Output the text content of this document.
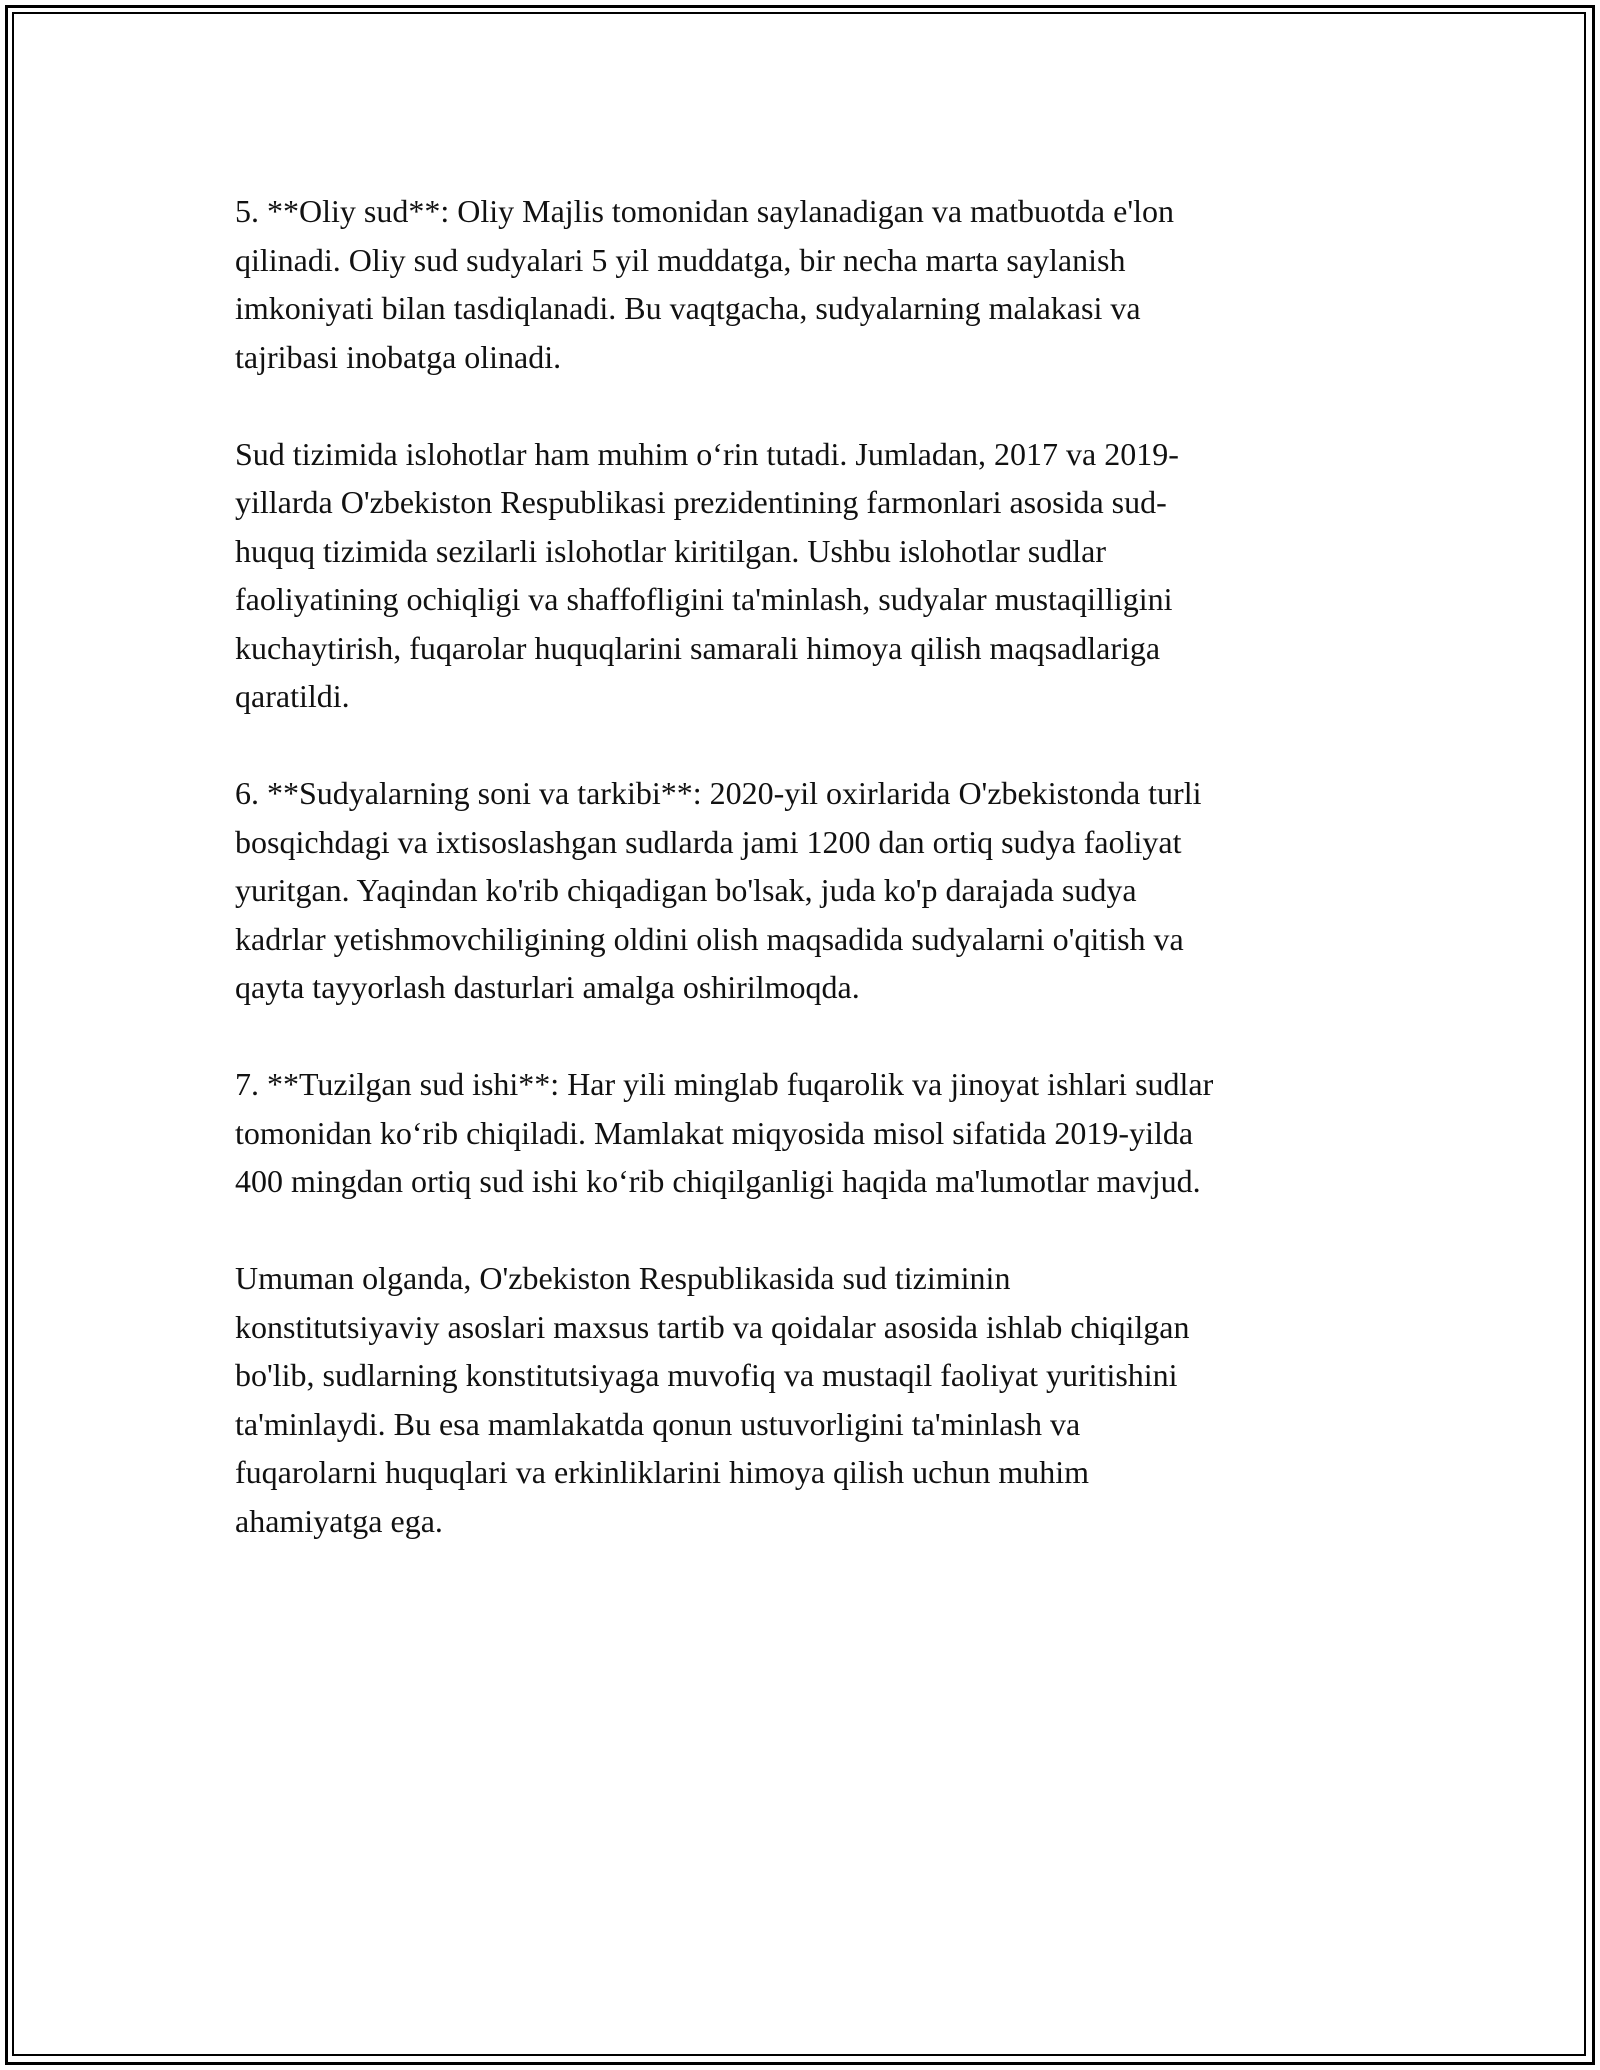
5. **Oliy sud**: Oliy Majlis tomonidan saylanadigan va matbuotda e'lon
qilinadi. Oliy sud sudyalari 5 yil muddatga, bir necha marta saylanish
imkoniyati bilan tasdiqlanadi. Bu vaqtgacha, sudyalarning malakasi va
tajribasi inobatga olinadi.

Sud tizimida islohotlar ham muhim o‘rin tutadi. Jumladan, 2017 va 2019-
yillarda O'zbekiston Respublikasi prezidentining farmonlari asosida sud-
huquq tizimida sezilarli islohotlar kiritilgan. Ushbu islohotlar sudlar
faoliyatining ochiqligi va shaffofligini ta'minlash, sudyalar mustaqilligini
kuchaytirish, fuqarolar huquqlarini samarali himoya qilish maqsadlariga
qaratildi.

6. **Sudyalarning soni va tarkibi**: 2020-yil oxirlarida O'zbekistonda turli
bosqichdagi va ixtisoslashgan sudlarda jami 1200 dan ortiq sudya faoliyat
yuritgan. Yaqindan ko'rib chiqadigan bo'lsak, juda ko'p darajada sudya
kadrlar yetishmovchiligining oldini olish maqsadida sudyalarni o'qitish va
qayta tayyorlash dasturlari amalga oshirilmoqda.

7. **Tuzilgan sud ishi**: Har yili minglab fuqarolik va jinoyat ishlari sudlar
tomonidan ko‘rib chiqiladi. Mamlakat miqyosida misol sifatida 2019-yilda
400 mingdan ortiq sud ishi ko‘rib chiqilganligi haqida ma'lumotlar mavjud.

Umuman olganda, O'zbekiston Respublikasida sud tiziminin
konstitutsiyaviy asoslari maxsus tartib va qoidalar asosida ishlab chiqilgan
bo'lib, sudlarning konstitutsiyaga muvofiq va mustaqil faoliyat yuritishini
ta'minlaydi. Bu esa mamlakatda qonun ustuvorligini ta'minlash va
fuqarolarni huquqlari va erkinliklarini himoya qilish uchun muhim
ahamiyatga ega.
